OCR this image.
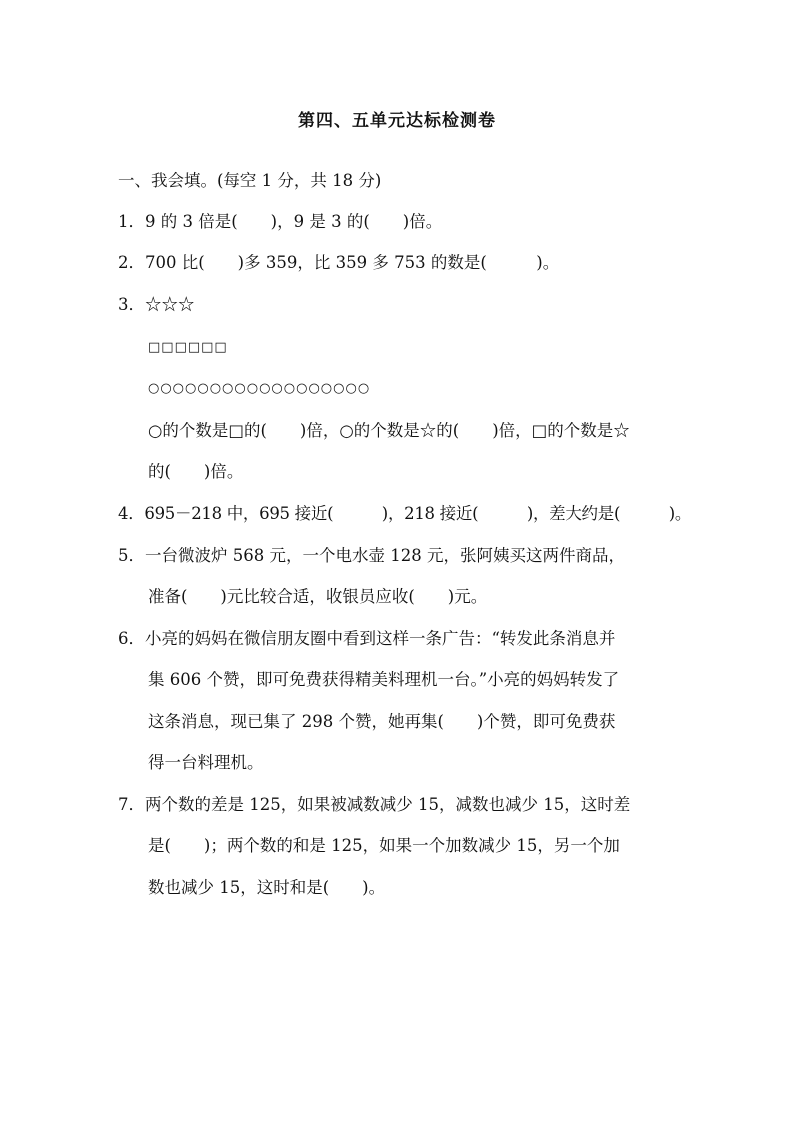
第四、五单元达标检测卷
一、我会填。(每空 1 分，共 18 分)
1．9 的 3 倍是(　　)，9 是 3 的(　　)倍。
2．700 比(　　)多 359，比 359 多 753 的数是(　　　)。
3．☆☆☆
□□□□□□
○○○○○○○○○○○○○○○○○○
○的个数是□的(　　)倍，○的个数是☆的(　　)倍，□的个数是☆
的(　　)倍。
4．695－218 中，695 接近(　　　)，218 接近(　　　)，差大约是(　　　)。
5．一台微波炉 568 元，一个电水壶 128 元，张阿姨买这两件商品，
准备(　　)元比较合适，收银员应收(　　)元。
6．小亮的妈妈在微信朋友圈中看到这样一条广告：“转发此条消息并
集 606 个赞，即可免费获得精美料理机一台。”小亮的妈妈转发了
这条消息，现已集了 298 个赞，她再集(　　)个赞，即可免费获
得一台料理机。
7．两个数的差是 125，如果被减数减少 15，减数也减少 15，这时差
是(　　)；两个数的和是 125，如果一个加数减少 15，另一个加
数也减少 15，这时和是(　　)。
